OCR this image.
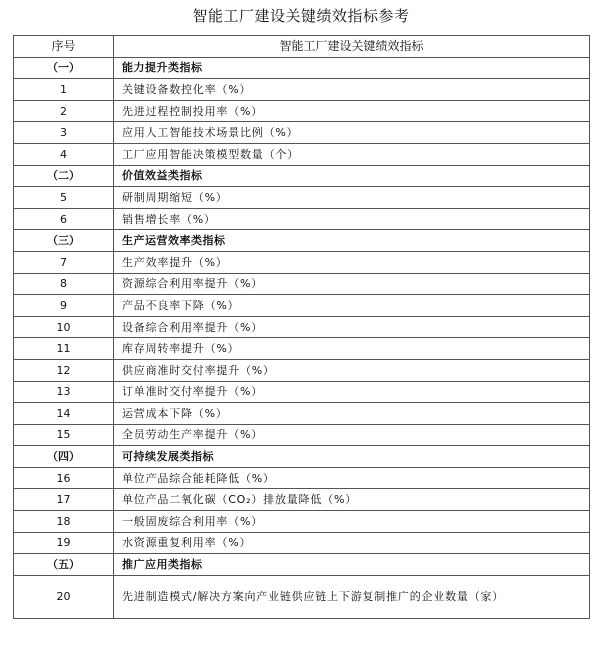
智能工厂建设关键绩效指标参考
序号	智能工厂建设关键绩效指标
（一）	能力提升类指标
1	关键设备数控化率（%）
2	先进过程控制投用率（%）
3	应用人工智能技术场景比例（%）
4	工厂应用智能决策模型数量（个）
（二）	价值效益类指标
5	研制周期缩短（%）
6	销售增长率（%）
（三）	生产运营效率类指标
7	生产效率提升（%）
8	资源综合利用率提升（%）
9	产品不良率下降（%）
10	设备综合利用率提升（%）
11	库存周转率提升（%）
12	供应商准时交付率提升（%）
13	订单准时交付率提升（%）
14	运营成本下降（%）
15	全员劳动生产率提升（%）
（四）	可持续发展类指标
16	单位产品综合能耗降低（%）
17	单位产品二氧化碳（CO₂）排放量降低（%）
18	一般固废综合利用率（%）
19	水资源重复利用率（%）
（五）	推广应用类指标
20	先进制造模式/解决方案向产业链供应链上下游复制推广的企业数量（家）
